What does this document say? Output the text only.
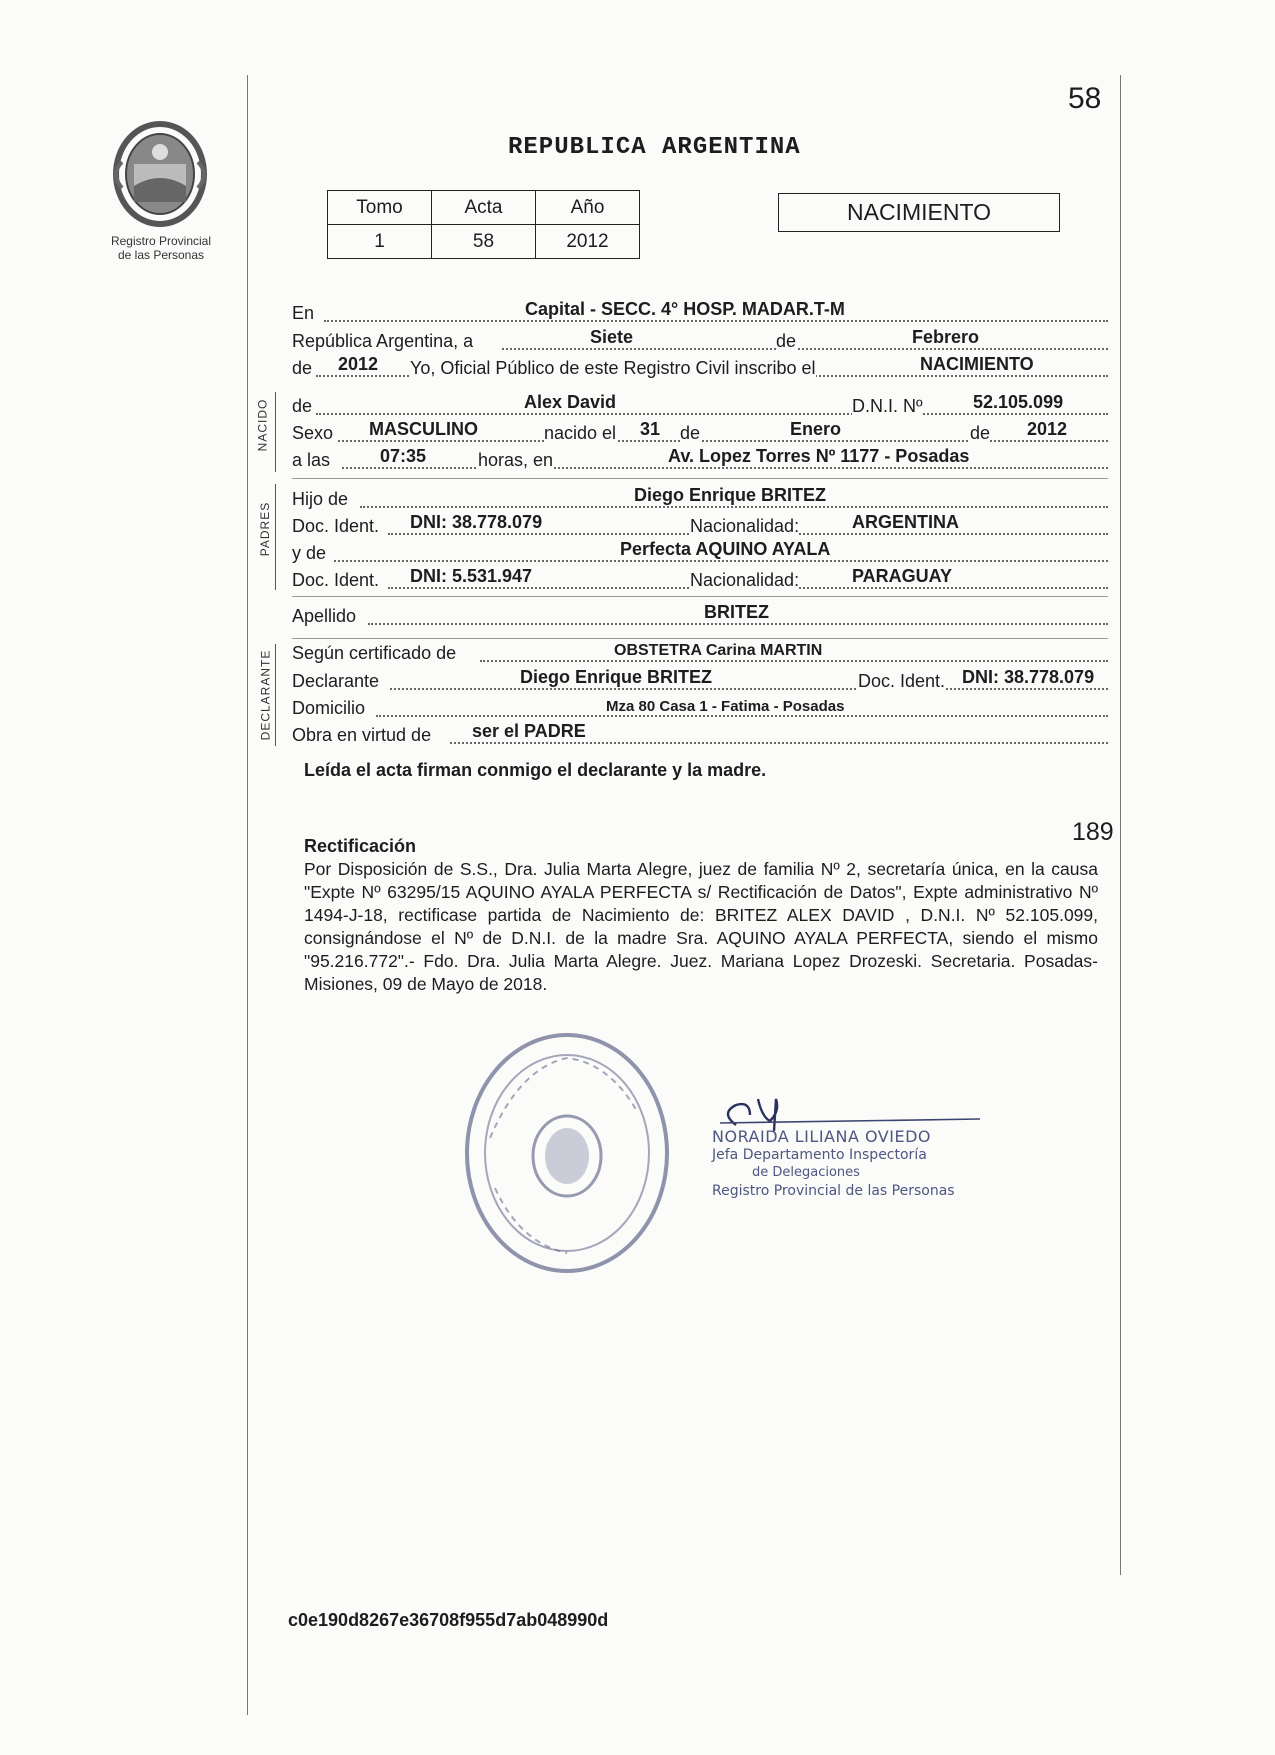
Registro Provincial
de las Personas
58
REPUBLICA ARGENTINA
Tomo	Acta	Año
1	58	2012
NACIMIENTO
En	Capital - SECC. 4° HOSP. MADAR.T-M
República Argentina, a	Siete	de	Febrero
de 2012 Yo, Oficial Público de este Registro Civil inscribo el	NACIMIENTO
NACIDO de	Alex David	D.N.I. Nº	52.105.099
Sexo MASCULINO	nacido el 31 de	Enero	de 2012
a las	07:35	horas, en	Av. Lopez Torres Nº 1177 - Posadas
PADRES
Hijo de	Diego Enrique BRITEZ
Doc. Ident. DNI: 38.778.079	Nacionalidad:	ARGENTINA
y de	Perfecta AQUINO AYALA
Doc. Ident. DNI: 5.531.947	Nacionalidad:	PARAGUAY
Apellido	BRITEZ
DECLARANTE Según certificado de	OBSTETRA Carina MARTIN
Declarante	Diego Enrique BRITEZ	Doc. Ident. DNI: 38.778.079
Domicilio	Mza 80 Casa 1 - Fatima - Posadas
Obra en virtud de ser el PADRE
Leída el acta firman conmigo el declarante y la madre.
189
Rectificación
Por Disposición de S.S., Dra. Julia Marta Alegre, juez de familia Nº 2, secretaría única, en la causa "Expte Nº 63295/15 AQUINO AYALA PERFECTA s/ Rectificación de Datos", Expte administrativo Nº 1494-J-18, rectificase partida de Nacimiento de: BRITEZ ALEX DAVID , D.N.I. Nº 52.105.099, consignándose el Nº de D.N.I. de la madre Sra. AQUINO AYALA PERFECTA, siendo el mismo "95.216.772".- Fdo. Dra. Julia Marta Alegre. Juez. Mariana Lopez Drozeski. Secretaria. Posadas- Misiones, 09 de Mayo de 2018.
NORAIDA LILIANA OVIEDO
Jefa Departamento Inspectoría
de Delegaciones
Registro Provincial de las Personas
c0e190d8267e36708f955d7ab048990d
